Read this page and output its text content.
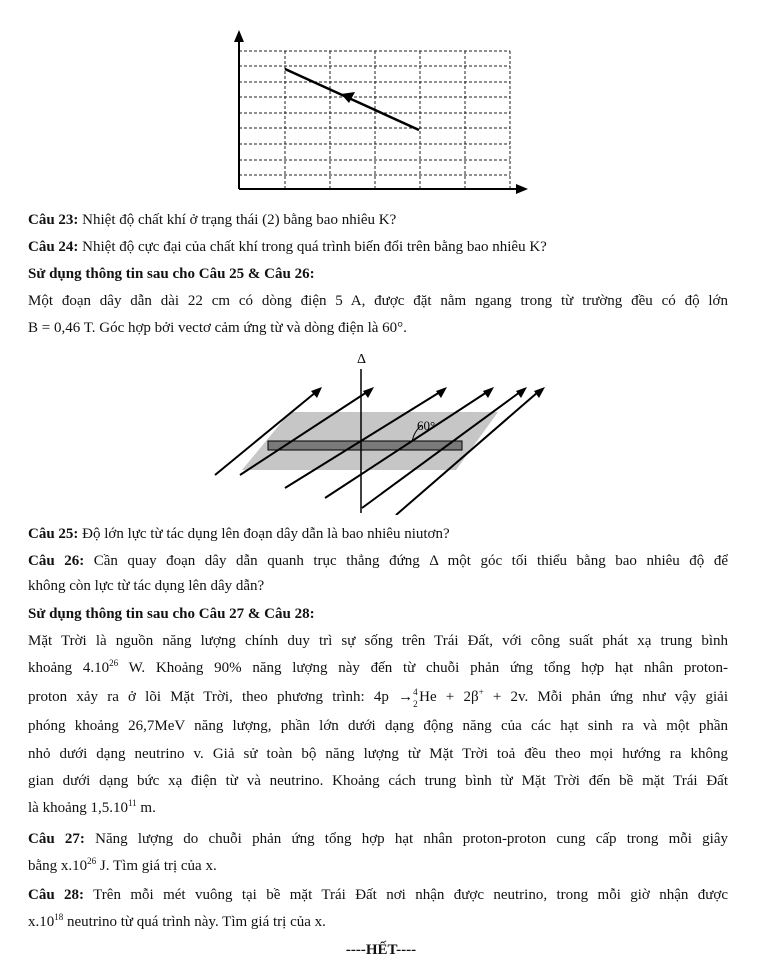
Câu 23: Nhiệt độ chất khí ở trạng thái (2) bằng bao nhiêu K?

Câu 24: Nhiệt độ cực đại của chất khí trong quá trình biến đổi trên bằng bao nhiêu K?

Sử dụng thông tin sau cho Câu 25 & Câu 26:

Một đoạn dây dẫn dài 22 cm có dòng điện 5 A, được đặt nằm ngang trong từ trường đều có độ lớn

B = 0,46 T. Góc hợp bởi vectơ cảm ứng từ và dòng điện là 60°.

Δ
60°

Câu 25: Độ lớn lực từ tác dụng lên đoạn dây dẫn là bao nhiêu niutơn?

Câu 26: Cần quay đoạn dây dẫn quanh trục thẳng đứng Δ một góc tối thiểu bằng bao nhiêu độ để

không còn lực từ tác dụng lên dây dẫn?

Sử dụng thông tin sau cho Câu 27 & Câu 28:

Mặt Trời là nguồn năng lượng chính duy trì sự sống trên Trái Đất, với công suất phát xạ trung bình

khoảng 4.10$^{26}$ W. Khoảng 90% năng lượng này đến từ chuỗi phản ứng tổng hợp hạt nhân proton-

proton xảy ra ở lõi Mặt Trời, theo phương trình: 4p → 4
2 He + 2β+ + 2v. Mỗi phản ứng như vậy giải

phóng khoảng 26,7MeV năng lượng, phần lớn dưới dạng động năng của các hạt sinh ra và một phần

nhỏ dưới dạng neutrino v. Giả sử toàn bộ năng lượng từ Mặt Trời toả đều theo mọi hướng ra không

gian dưới dạng bức xạ điện từ và neutrino. Khoảng cách trung bình từ Mặt Trời đến bề mặt Trái Đất

là khoảng 1,5.10$^{11}$ m.

Câu 27: Năng lượng do chuỗi phản ứng tổng hợp hạt nhân proton-proton cung cấp trong mỗi giây

bằng $x.10^{26}$ J. Tìm giá trị của x.

Câu 28: Trên mỗi mét vuông tại bề mặt Trái Đất nơi nhận được neutrino, trong mỗi giờ nhận được

$x.10^{18}$ neutrino từ quá trình này. Tìm giá trị của x.

----HẾT----
